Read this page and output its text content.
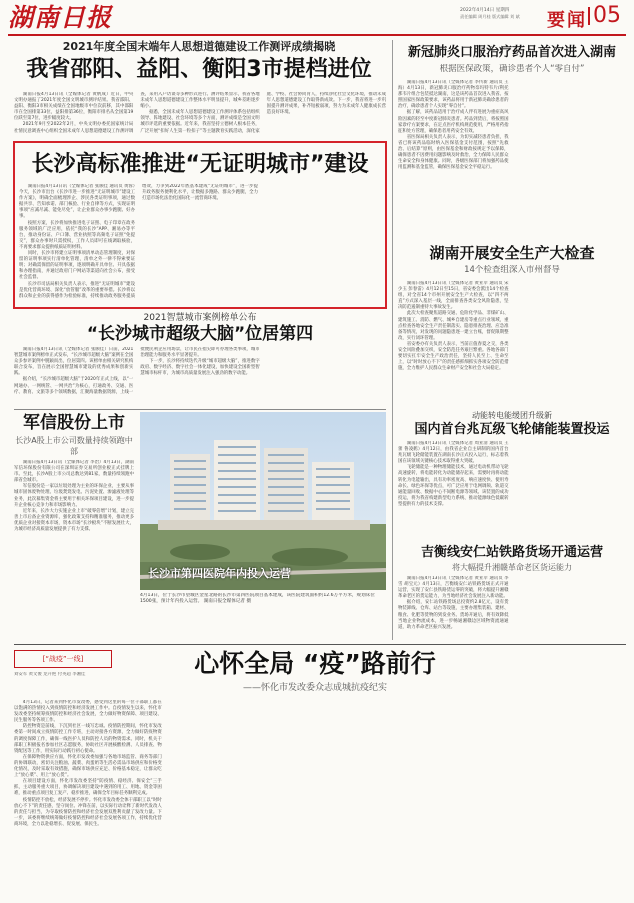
湖南日报	2022年4月14日 星期四
责任编辑 周月桂 版式编辑 刘 斌 要闻 05
2021年度全国末端年人思想道德建设工作测评成绩揭晓
我省邵阳、益阳、衡阳3市提档进位

湖南日报4月13日讯（全媒体记者 黄帆成）近日，中央文明办通报了2021年度全国文明城市测评结果。我省邵阳、益阳、衡阳3市相关成绩在全国地级市中位次前移，其中邵阳市在全国排第33位，益阳排第36位，衡阳市排名从全国第19位跃至第7位，进步幅度较大。

2021年9月至2022年2月，中央文明办委托国家统计局社情民意调查中心组织全国未成年人思想道德建设工作测评调查，采用入户访谈等多种形式进行。测评结果显示，我省各地未成年人思想道德建设工作整体水平明显提升，城乡差距逐步缩小。

据悉，全国未成年人思想道德建设工作测评体系包括组织领导、阵地建设、社会环境等多个方面，测评成绩是全国文明城市评选的重要依据。近年来，我省坚持立德树人根本任务，广泛开展“扣好人生第一粒扣子”等主题教育实践活动，深化家庭、学校、社会协同育人，持续净化社会文化环境，推动未成年人思想道德建设工作取得新成效。下一步，我省将进一步巩固提升测评成果，补齐短板弱项，努力为未成年人健康成长营造良好环境。

长沙高标准推进“无证明城市”建设

湖南日报4月13日讯（全媒体记者 张颐佳 通讯员 黄蓉）今天，长沙市出台《长沙市进一步推进“无证明城市”建设工作方案》，明确全面梳理涉企、涉民各类证明事项，通过数据共享、告知承诺、部门核验、行业自律等方式，实现证明事项“应减尽减、能免尽免”，让企业群众办事少跑腿、好办事。

按照方案，长沙将加快推进电子证照、电子印章在政务服务领域的广泛应用，依托“我的长沙”APP、湘易办等平台，推动身份证、户口簿、营业执照等高频电子证照“免提交”，群众办事时只需授权，工作人员即可在线调取核验，不再要求群众提供纸质证明材料。

同时，长沙市将建立证明事项清单动态管理制度，对保留的证明事项实行清单化管理，清单之外一律不得索要证明；对确需保留的证明事项，逐项明确开具单位、开具依据和办理指南，并通过政府门户网站等渠道向社会公布，接受社会监督。

长沙市司法局相关负责人表示，推进“无证明城市”建设是优化营商环境、深化“放管服”改革的重要举措。长沙将以群众和企业的获得感作为检验标准，持续推动政务服务提质增效，力争到2022年底基本建成“无证明城市”，进一步提升政务服务便利化水平，让数据多跑路、群众少跑腿，全力打造市场化法治化国际化一流营商环境。

2021智慧城市案例榜单公布
“长沙城市超级大脑”位居第四

湖南日报4月13日讯（全媒体记者 张颐佳）日前，2021智慧城市案例榜单正式发布，“长沙城市超级大脑”案例在全国众多参评案例中脱颖而出，位居第四。该榜单由相关研究机构联合发布，旨在展示全国智慧城市建设的优秀成果和创新实践。

据介绍，“长沙城市超级大脑”于2020年正式上线，以“一网通办、一网统管、一网共治”为核心，打通政务、交通、医疗、教育、文旅等多个领域数据，汇聚海量数据资源，上线一批便民利企应用场景，让市民在指尖即可办理各类事项，城市治理能力和服务水平显著提升。

下一步，长沙将持续迭代升级“城市超级大脑”，推进数字政府、数字经济、数字社会一体化建设，加快建设全国新型智慧城市标杆市，为城市高质量发展注入强劲的数字动能。

军信股份上市
长沙A股上市公司数量持续领跑中部

湖南日报4月13日讯（全媒体记者 李治）4月13日，湖南军信环保股份有限公司在深圳证券交易所创业板正式挂牌上市。至此，长沙A股上市公司总数达到81家，数量持续领跑中部省会城市。

军信股份是一家以垃圾处理为主业的环保企业，主要从事城市固体废物处理、垃圾焚烧发电、污泥处置、渗滤液处理等业务，此次募集资金将主要用于相关环保项目建设，进一步提升企业核心竞争力和市场影响力。

近年来，长沙大力实施企业上市“破零倍增”计划，建立完善上市后备企业资源库，强化政策支持和精准服务，推动更多优质企业对接资本市场，资本市场“长沙板块”不断发展壮大，为城市经济高质量发展提供了有力支撑。

长沙市第四医院年内投入运营
4月13日，位于长沙市望城区金星北路的长沙市第四医院项目基本建成，该医院建筑面积约12.6万平方米，规划床位1500张，预计年内投入运营。 湖南日报全媒体记者 摄
新冠肺炎口服治疗药品首次进入湖南
根据医保政策，确诊患者个人“零自付”

湖南日报4月13日讯（全媒体记者 李传新 通讯员 王海）4月13日，新冠肺炎口服治疗药物奈玛特韦片/利托那韦片组合包装抵达湖南，这是该药品首次进入我省。按照国家医保政策要求，该药品将用于新冠肺炎确诊患者的治疗，确诊患者个人实现“零自付”。

据了解，该药品适用于治疗成人伴有进展为重症高风险因素的轻至中度新冠肺炎患者。药品到货后，将按照国家诊疗方案要求，在定点医疗机构规范使用，严格用药指征和处方管理，确保患者用药安全有效。

省医保局相关负责人表示，为切实减轻患者负担，我省已将该药品临时纳入医保基金支付范围，按照“先救治、后结算”原则，由医保基金和财政按规定予以保障，确保患者不因费用问题影响及时救治，全力保障人民群众生命安全和身体健康。同时，各级医保部门将加强药品使用监测和基金监管，确保医保基金安全平稳运行。

湖南开展安全生产大检查
14个检查组深入市州督导

湖南日报4月13日讯（全媒体记者 黄亚苹 通讯员 宋少玉 彭春雷）4月12日至15日，省安委会派出14个检查组，对全省14个市州开展安全生产大检查，以“四不两直”方式深入基层一线，全面排查各类安全风险隐患，坚决防范遏制重特大事故发生。

此次大检查聚焦道路交通、危险化学品、非煤矿山、建筑施工、消防、燃气、城乡自建房等重点行业领域，重点检查各地安全生产责任制落实、隐患排查治理、应急准备等情况，对发现的问题隐患逐一建立台账，督促限期整改，实行闭环管理。

省安委办有关负责人表示，当前正值春夏之交，各类安全风险叠加交织，安全防范任务艰巨繁重。各地各部门要切实扛牢安全生产政治责任，坚持人民至上、生命至上，以“时时放心不下”的责任感抓细抓实各项安全防范措施，全力维护人民群众生命财产安全和社会大局稳定。

动能转电能缓团升级新
国内首台兆瓦级飞轮储能装置投运

湖南日报4月13日讯（全媒体记者 周亚清 通讯员 王蕾 鲁凌鹤）4月12日，由我省企业自主研制的国内首台兆瓦级飞轮储能装置在湖南长沙正式投入运行，标志着我国在该领域关键核心技术取得重大突破。

飞轮储能是一种物理储能技术，通过电动机带动飞轮高速旋转，将电能转化为动能储存起来，需要时再将动能转化为电能输出，具有功率密度高、响应速度快、使用寿命长、绿色环保等优点，可广泛应用于电网调频、轨道交通能量回收、数据中心不间断电源等领域。该装置的成功投运，将为我省构建新型电力系统、推动能源绿色低碳转型提供有力的技术支撑。

吉衡线安仁站铁路货场开通运营
将大幅提升湘赣革命老区货运能力

湖南日报4月13日讯（全媒体记者 黄亚苹 通讯员 李雪 胡宝元）4月13日，吉衡线安仁站铁路货场正式开通运营，实现了安仁县铁路货运零的突破，将大幅提升湘赣革命老区的货运能力，为当地经济社会发展注入新动能。

据介绍，安仁站铁路货场总投资约2.8亿元，设有货物装卸线、仓库、站台等设施，主要办理集装箱、建材、粮食、化肥等货物的到发业务。货场开通后，将有效降低当地企业物流成本，进一步畅通湘赣边区域物资流通通道，助力革命老区振兴发展。

[“战疫”一线]	心怀全局 “疫”路前行
——怀化市发改委众志成城抗疫纪实
刘安军 黄文俊 龙开艳 付英超 李湘佳

4月13日，记者来到怀化市发改委，感受到这里的每一位干部职工都在以饱满的热情投入到疫情防控和经济发展工作中。自疫情发生以来，怀化市发改委坚持统筹疫情防控和经济社会发展，全力做好物资保障、项目建设、民生服务等各项工作。

防控物资是前线，下沉到社区一线写忠诚。疫情防控期间，怀化市发改委第一时间成立疫情防控工作专班，主动对接各方资源，全力做好防疫物资的调度保障工作，确保一线医护人员和防控人员的物资需求。同时，机关干部职工积极报名参加社区志愿服务，协助社区开展核酸检测、人员排查、物资配送等工作，用实际行动践行初心使命。

在保障物资供应方面，怀化市发改委加强与各地市场监管、商务等部门的协调联动，密切关注粮油、蔬菜、肉蛋奶等生活必需品市场供应和价格变化情况，及时采取有效措施，确保市场供应充足、价格基本稳定，让群众吃上“放心菜”、用上“放心货”。

在项目建设方面，怀化市发改委坚持“防疫情、稳经济、保安全”三手抓，主动服务重大项目，协调解决项目建设中遇到的用工、用地、资金等困难，推动重点项目复工复产、稳步推进，确保全年目标任务顺利完成。

疫情防控不放松，经济发展不停步。怀化市发改委全体干部职工以“时时放心不下”的责任感，坚守岗位、冲锋在前，以实际行动诠释了新时代发改人的责任与担当，为夺取疫情防控和经济社会发展双胜利贡献了发改力量。下一步，该委将继续统筹做好疫情防控和经济社会发展各项工作，持续优化营商环境，全力以赴稳增长、促发展、保民生。
